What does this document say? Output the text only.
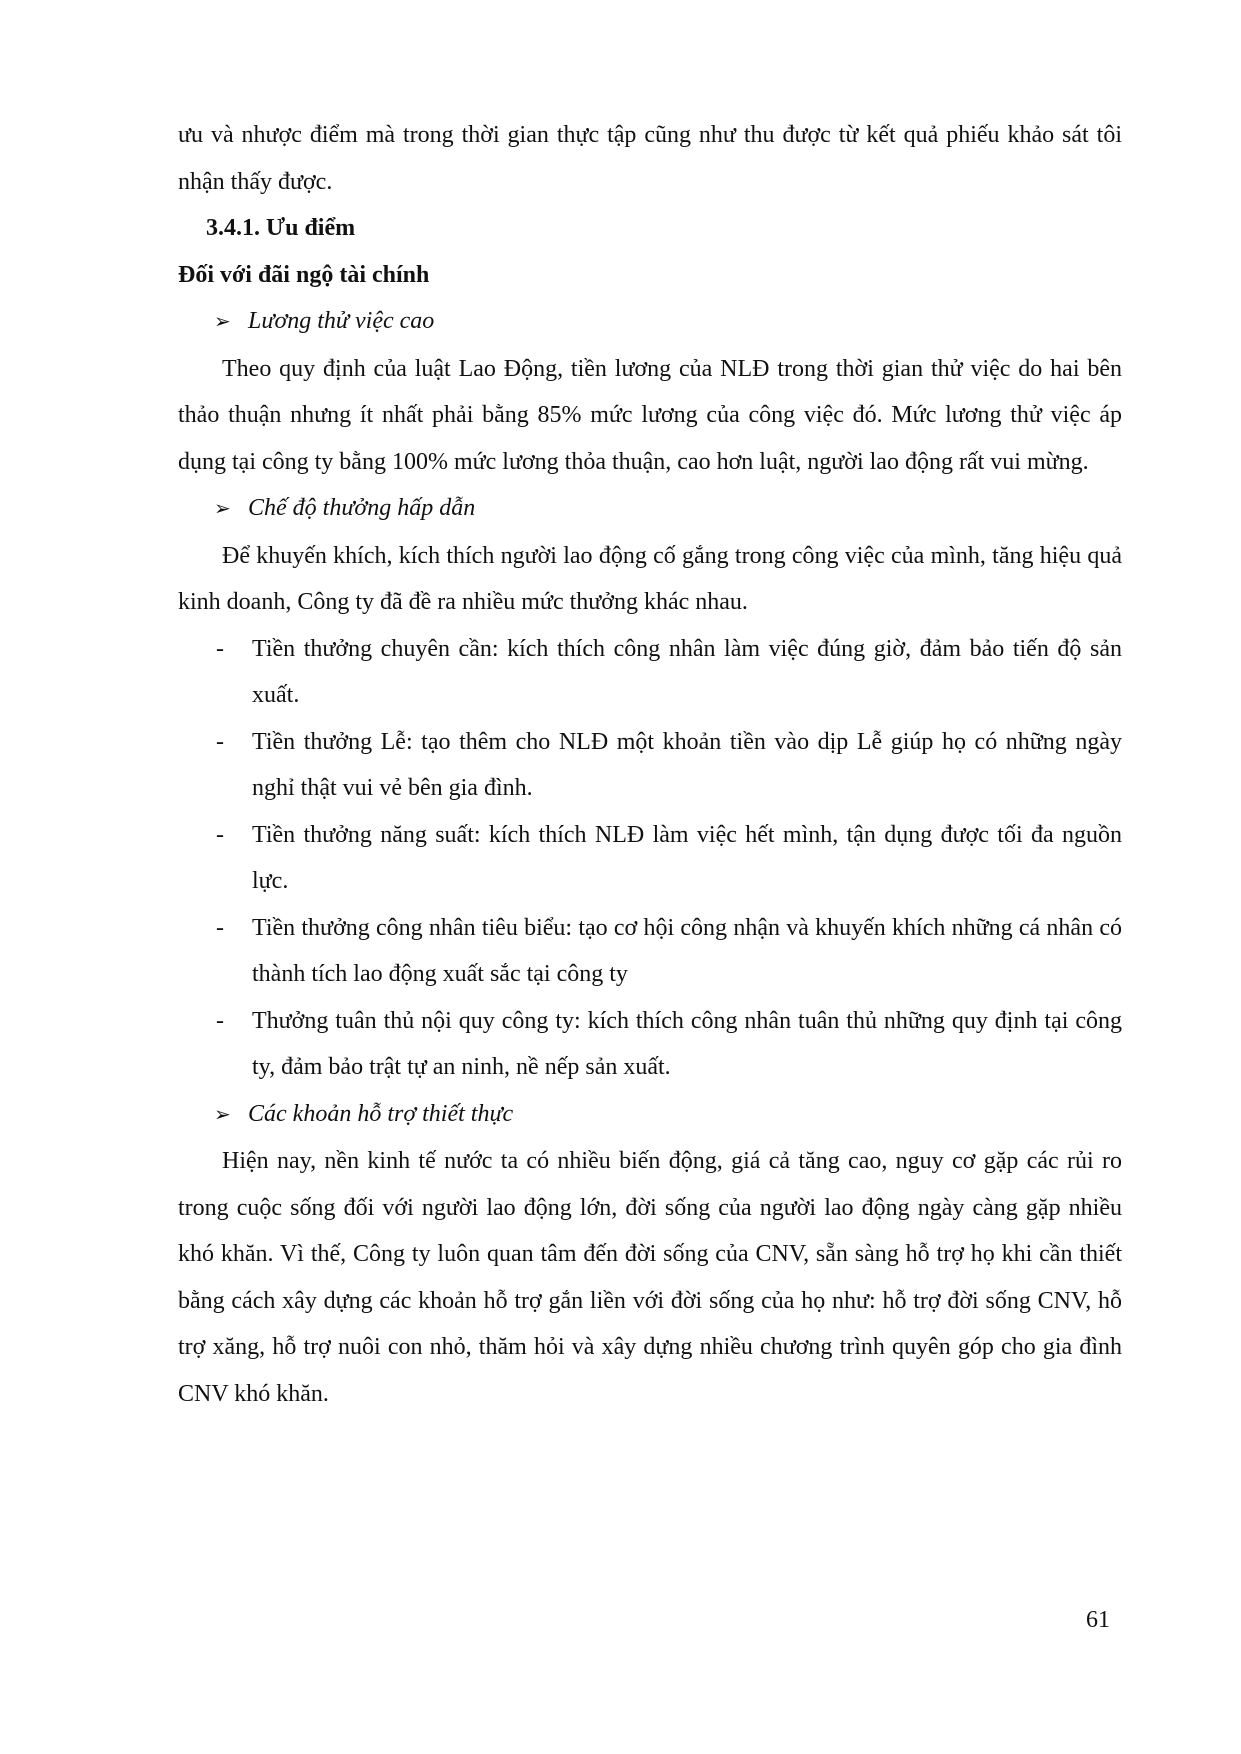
ưu và nhược điểm mà trong thời gian thực tập cũng như thu được từ kết quả phiếu khảo sát tôi nhận thấy được.

3.4.1. Ưu điểm

Đối với đãi ngộ tài chính

➢ Lương thử việc cao

Theo quy định của luật Lao Động, tiền lương của NLĐ trong thời gian thử việc do hai bên thảo thuận nhưng ít nhất phải bằng 85% mức lương của công việc đó. Mức lương thử việc áp dụng tại công ty bằng 100% mức lương thỏa thuận, cao hơn luật, người lao động rất vui mừng.

➢ Chế độ thưởng hấp dẫn

Để khuyến khích, kích thích người lao động cố gắng trong công việc của mình, tăng hiệu quả kinh doanh, Công ty đã đề ra nhiều mức thưởng khác nhau.

-	Tiền thưởng chuyên cần: kích thích công nhân làm việc đúng giờ, đảm bảo tiến độ sản xuất.
-	Tiền thưởng Lễ: tạo thêm cho NLĐ một khoản tiền vào dịp Lễ giúp họ có những ngày nghỉ thật vui vẻ bên gia đình.
-	Tiền thưởng năng suất: kích thích NLĐ làm việc hết mình, tận dụng được tối đa nguồn lực.
-	Tiền thưởng công nhân tiêu biểu: tạo cơ hội công nhận và khuyến khích những cá nhân có thành tích lao động xuất sắc tại công ty
-	Thưởng tuân thủ nội quy công ty: kích thích công nhân tuân thủ những quy định tại công ty, đảm bảo trật tự an ninh, nề nếp sản xuất.
➢ Các khoản hỗ trợ thiết thực

Hiện nay, nền kinh tế nước ta có nhiều biến động, giá cả tăng cao, nguy cơ gặp các rủi ro trong cuộc sống đối với người lao động lớn, đời sống của người lao động ngày càng gặp nhiều khó khăn. Vì thế, Công ty luôn quan tâm đến đời sống của CNV, sẵn sàng hỗ trợ họ khi cần thiết bằng cách xây dựng các khoản hỗ trợ gắn liền với đời sống của họ như: hỗ trợ đời sống CNV, hỗ trợ xăng, hỗ trợ nuôi con nhỏ, thăm hỏi và xây dựng nhiều chương trình quyên góp cho gia đình CNV khó khăn.

61
